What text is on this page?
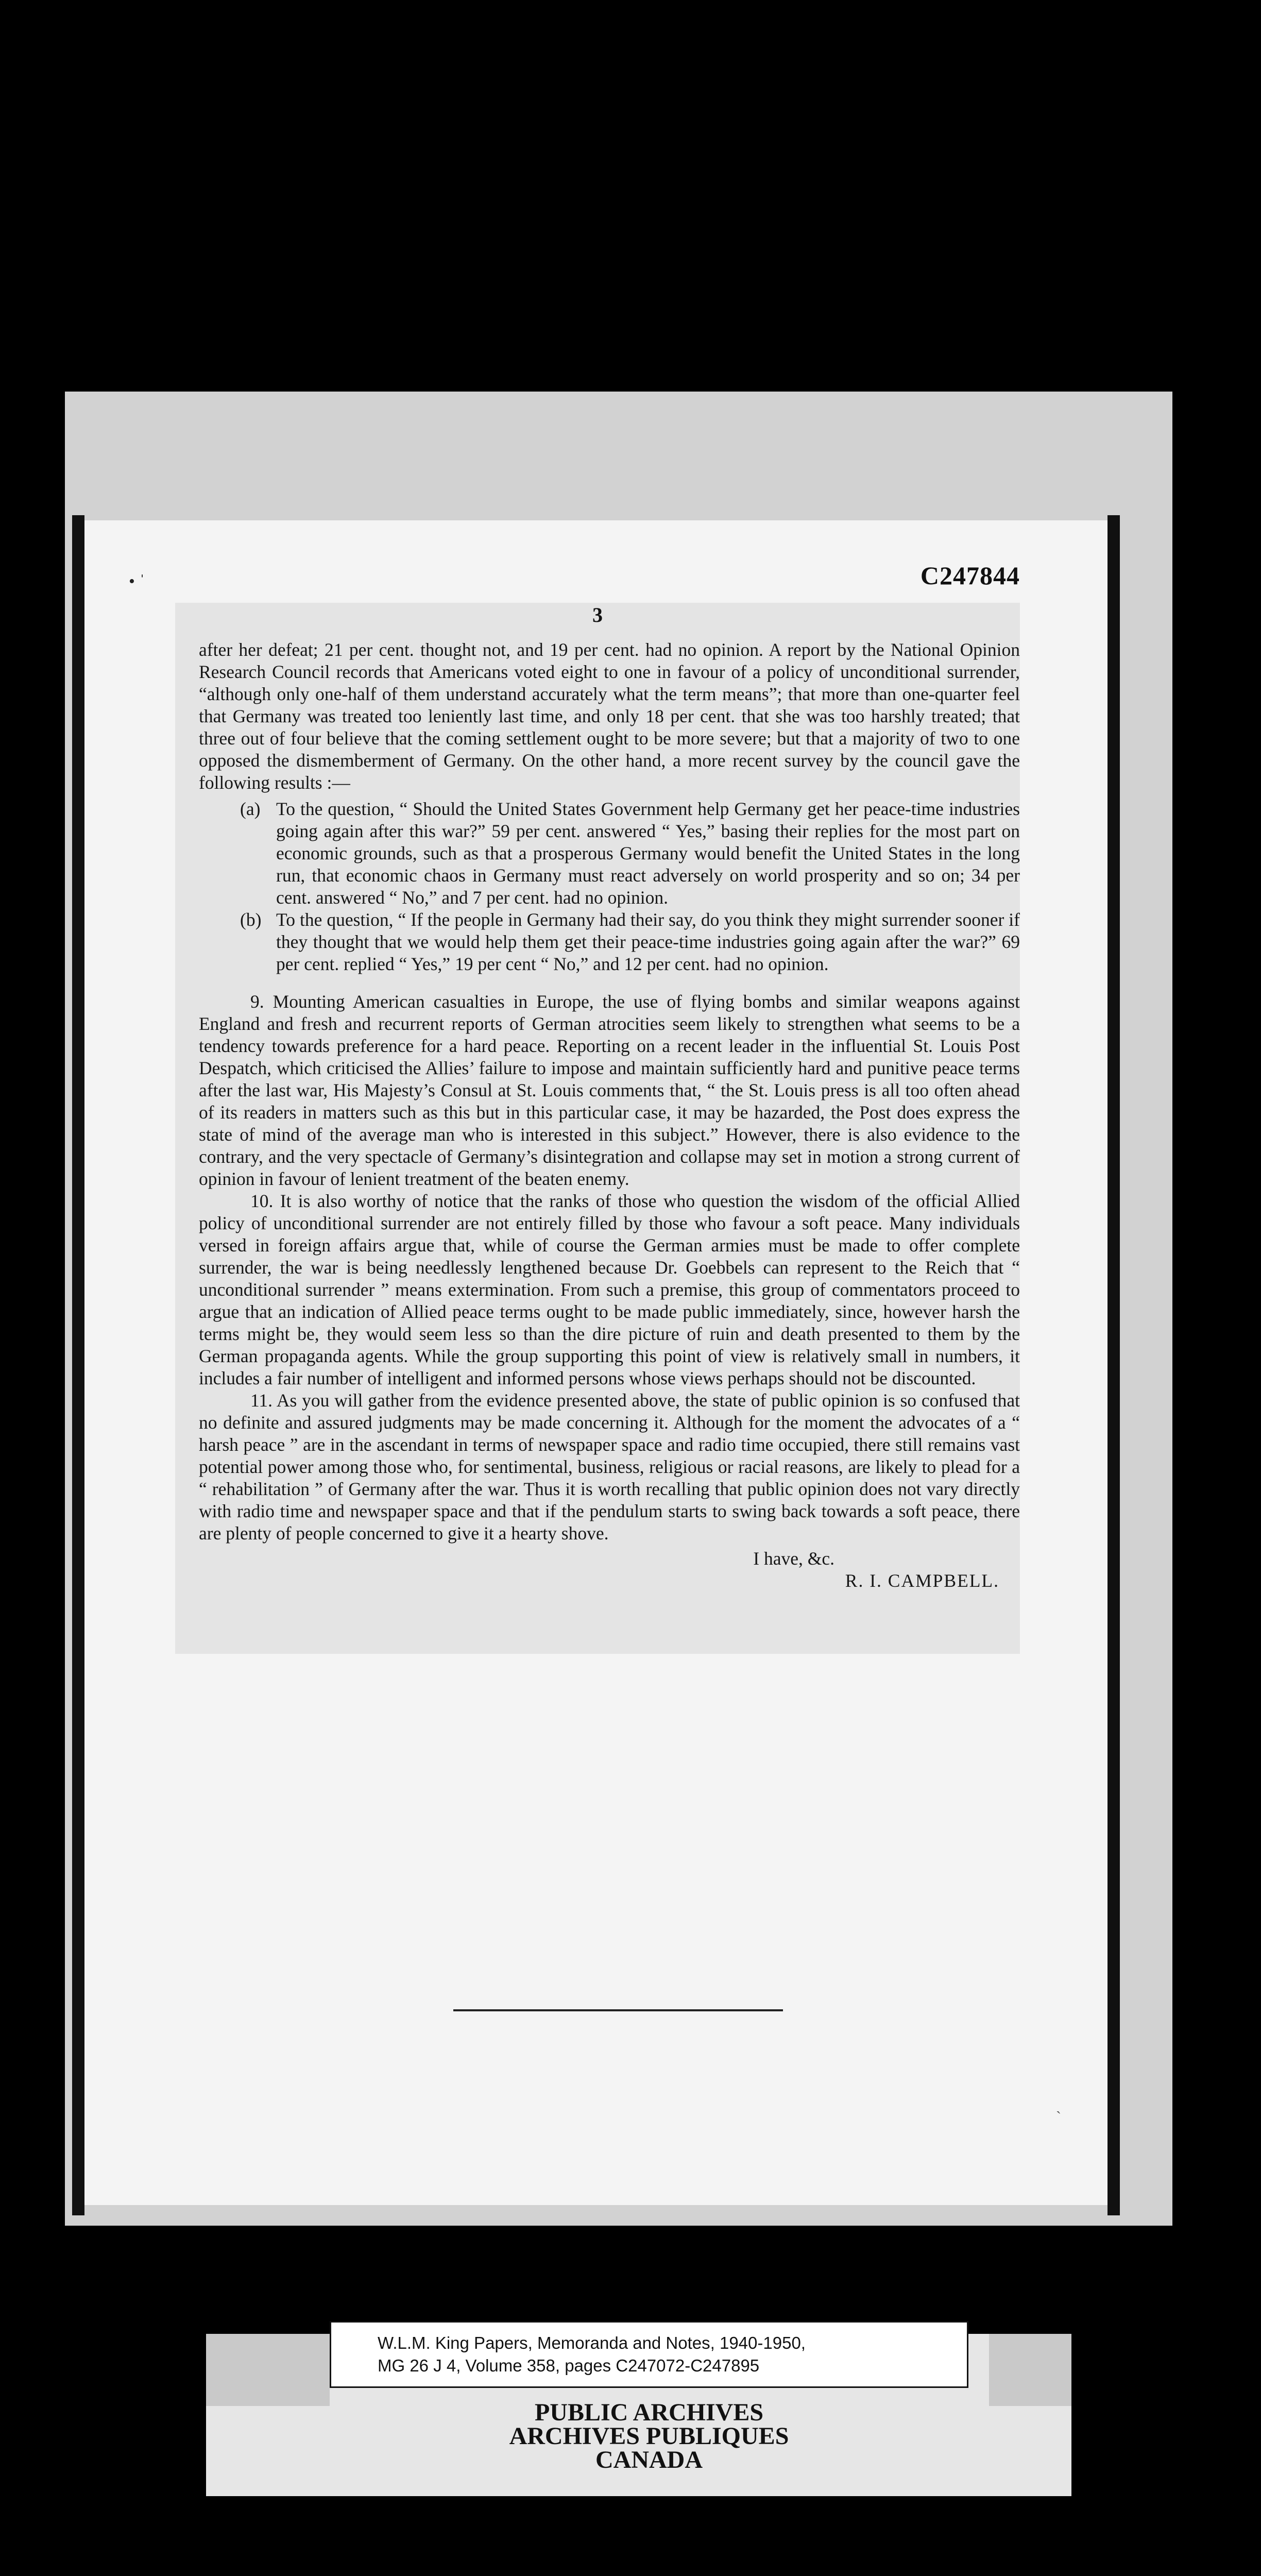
• ˈ
ˎ
C247844
3

after her defeat; 21 per cent. thought not, and 19 per cent. had no opinion. A report by the National Opinion Research Council records that Americans voted eight to one in favour of a policy of unconditional surrender, “although only one-half of them understand accurately what the term means”; that more than one-quarter feel that Germany was treated too leniently last time, and only 18 per cent. that she was too harshly treated; that three out of four believe that the coming settlement ought to be more severe; but that a majority of two to one opposed the dismemberment of Germany. On the other hand, a more recent survey by the council gave the following results :—

(a) To the question, “ Should the United States Government help Germany get her peace-time industries going again after this war?” 59 per cent. answered “ Yes,” basing their replies for the most part on economic grounds, such as that a prosperous Germany would benefit the United States in the long run, that economic chaos in Germany must react adversely on world prosperity and so on; 34 per cent. answered “ No,” and 7 per cent. had no opinion.

(b) To the question, “ If the people in Germany had their say, do you think they might surrender sooner if they thought that we would help them get their peace-time industries going again after the war?” 69 per cent. replied “ Yes,” 19 per cent “ No,” and 12 per cent. had no opinion.

9. Mounting American casualties in Europe, the use of flying bombs and similar weapons against England and fresh and recurrent reports of German atrocities seem likely to strengthen what seems to be a tendency towards preference for a hard peace. Reporting on a recent leader in the influential St. Louis Post Despatch, which criticised the Allies’ failure to impose and maintain sufficiently hard and punitive peace terms after the last war, His Majesty’s Consul at St. Louis comments that, “ the St. Louis press is all too often ahead of its readers in matters such as this but in this particular case, it may be hazarded, the Post does express the state of mind of the average man who is interested in this subject.” However, there is also evidence to the contrary, and the very spectacle of Germany’s disintegration and collapse may set in motion a strong current of opinion in favour of lenient treatment of the beaten enemy.

10. It is also worthy of notice that the ranks of those who question the wisdom of the official Allied policy of unconditional surrender are not entirely filled by those who favour a soft peace. Many individuals versed in foreign affairs argue that, while of course the German armies must be made to offer complete surrender, the war is being needlessly lengthened because Dr. Goebbels can represent to the Reich that “ unconditional surrender ” means extermination. From such a premise, this group of commentators proceed to argue that an indication of Allied peace terms ought to be made public immediately, since, however harsh the terms might be, they would seem less so than the dire picture of ruin and death presented to them by the German propaganda agents. While the group supporting this point of view is relatively small in numbers, it includes a fair number of intelligent and informed persons whose views perhaps should not be discounted.

11. As you will gather from the evidence presented above, the state of public opinion is so confused that no definite and assured judgments may be made concerning it. Although for the moment the advocates of a “ harsh peace ” are in the ascendant in terms of newspaper space and radio time occupied, there still remains vast potential power among those who, for sentimental, business, religious or racial reasons, are likely to plead for a “ rehabilitation ” of Germany after the war. Thus it is worth recalling that public opinion does not vary directly with radio time and newspaper space and that if the pendulum starts to swing back towards a soft peace, there are plenty of people concerned to give it a hearty shove.

I have, &c.

R. I. CAMPBELL.

W.L.M. King Papers, Memoranda and Notes, 1940-1950,
MG 26 J 4, Volume 358, pages C247072-C247895
PUBLIC ARCHIVES
ARCHIVES PUBLIQUES
CANADA
